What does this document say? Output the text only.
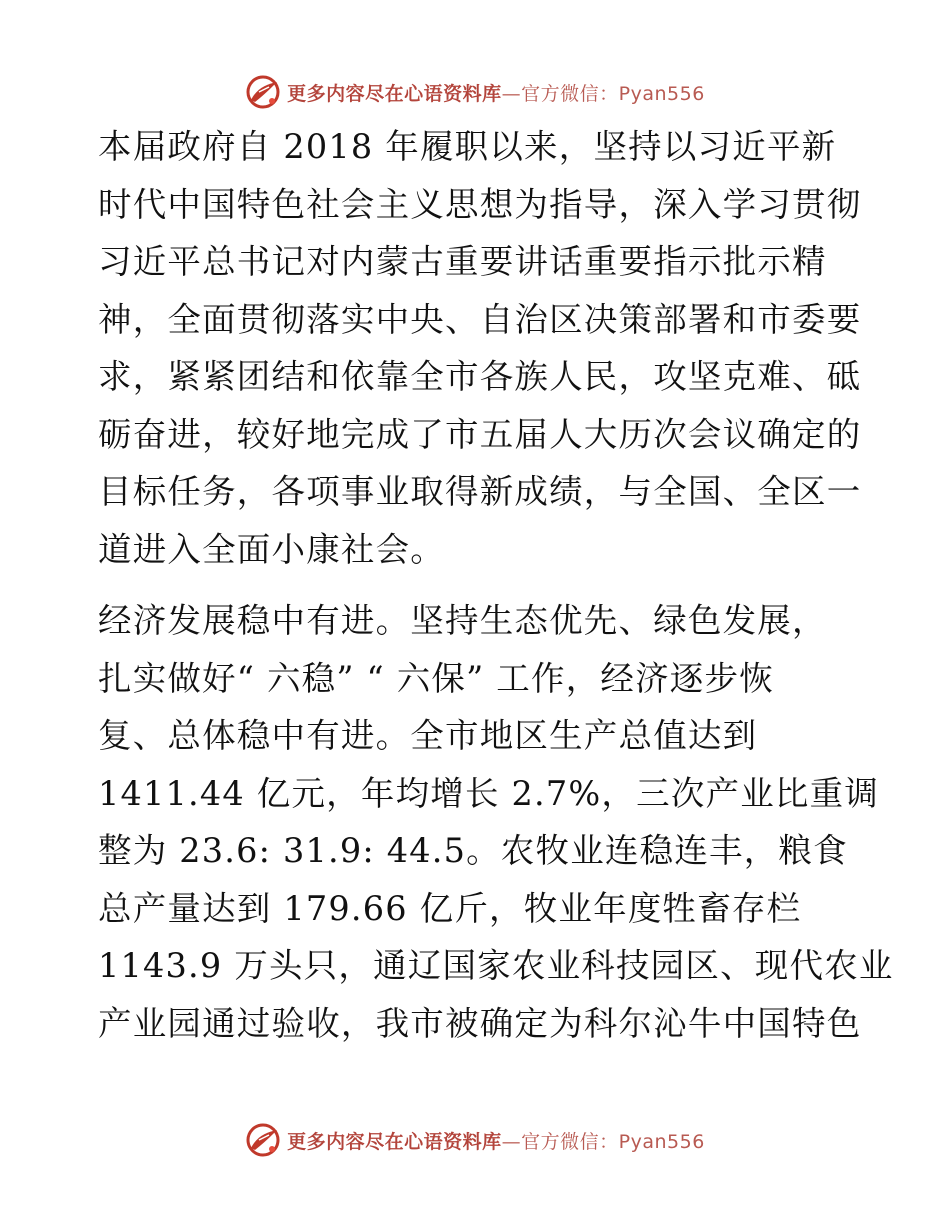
更多内容尽在心语资料库—官方微信：Pyan556
本届政府自 2018 年履职以来，坚持以习近平新
时代中国特色社会主义思想为指导，深入学习贯彻
习近平总书记对内蒙古重要讲话重要指示批示精
神，全面贯彻落实中央、自治区决策部署和市委要
求，紧紧团结和依靠全市各族人民，攻坚克难、砥
砺奋进，较好地完成了市五届人大历次会议确定的
目标任务，各项事业取得新成绩，与全国、全区一
道进入全面小康社会。
经济发展稳中有进。坚持生态优先、绿色发展，
扎实做好“ 六稳” “ 六保” 工作，经济逐步恢
复、总体稳中有进。全市地区生产总值达到
1411.44 亿元，年均增长 2.7%，三次产业比重调
整为 23.6: 31.9: 44.5。农牧业连稳连丰，粮食
总产量达到 179.66 亿斤，牧业年度牲畜存栏
1143.9 万头只，通辽国家农业科技园区、现代农业
产业园通过验收，我市被确定为科尔沁牛中国特色
更多内容尽在心语资料库—官方微信：Pyan556
